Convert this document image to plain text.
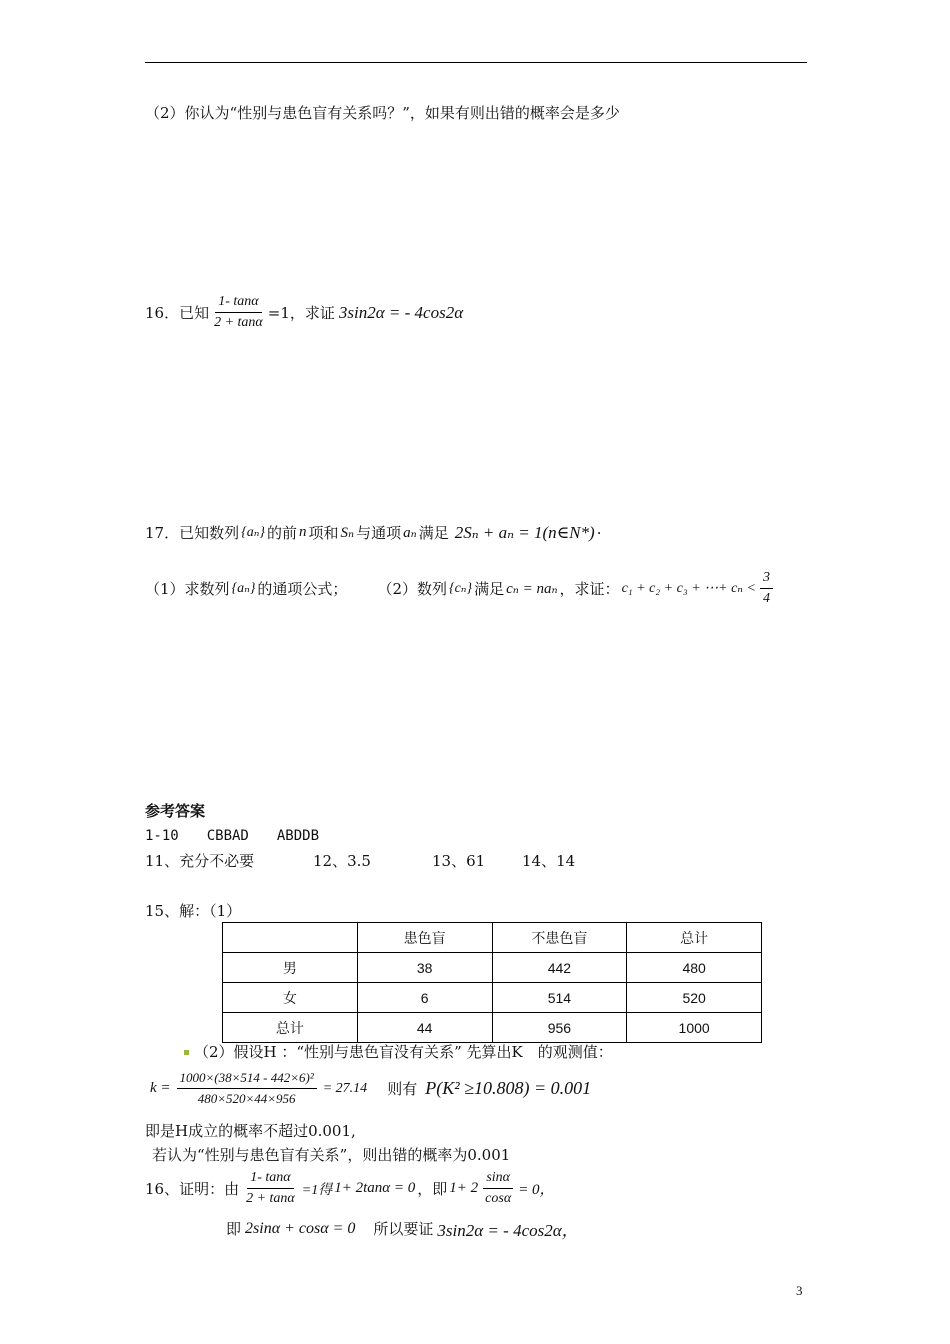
（2）你认为“性别与患色盲有关系吗？”，如果有则出错的概率会是多少
16．已知 $\frac{1- \tan\alpha}{2 + \tan\alpha} =1$，求证 3sin2α = - 4cos2α
17．已知数列 {aₙ} 的前 n 项和 Sₙ 与通项 aₙ 满足 2Sₙ + aₙ = 1(n∈N*) ·
（1）求数列 {aₙ} 的通项公式； （2）数列 {cₙ} 满足 cₙ = naₙ ，求证： c₁ + c₂ + c₃ + ⋯+ $c_n < \frac{3}{4}$
参考答案
1-10　　CBBAD　　ABDDB
11、充分不必要	12、3.5	13、61 14、14
15、解：（1）
	患色盲	不患色盲	总计
男	38	442	480
女	6	514	520
总计	44	956	1000
（2）假设H ：“性别与患色盲没有关系” 先算出K　的观测值：
$k = \frac{\text{1000×(38×514 - 442×6)²}}{480\times 520\times 44\times 956} = 27.14$ 则有 P(K² ≥10.808) = 0.001
即是H成立的概率不超过0.001,
若认为“性别与患色盲有关系”，则出错的概率为0.001
16、证明：由 $\frac{1- \tan\alpha}{2 + \tan\alpha} =1$得 1+ 2tanα = 0 ，即 $1+ 2 \frac{\sin\alpha}{\cos\alpha} = 0$，
即 2sinα + cosα = 0 所以要证 3sin2α = - 4cos2α，
3
